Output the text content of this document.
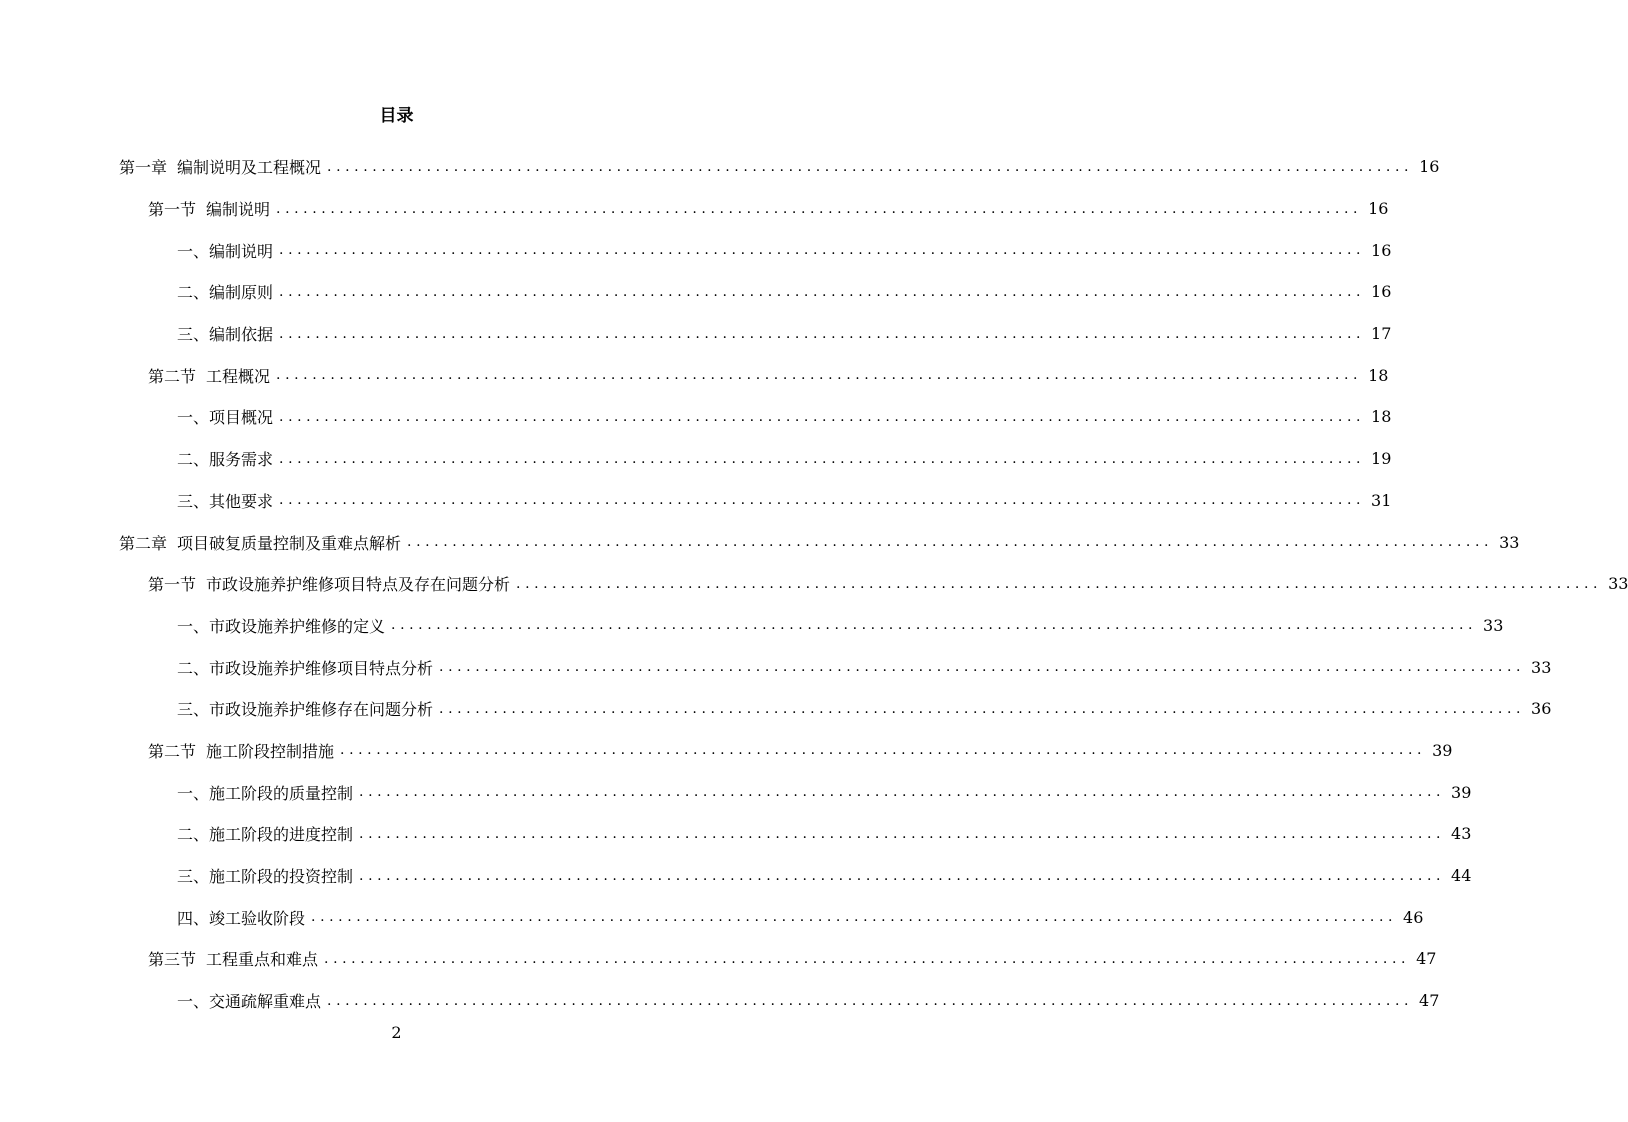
目录
第一章 编制说明及工程概况 ........................................................................................................................ 16
第一节 编制说明 ........................................................................................................................ 16
一、编制说明 ........................................................................................................................ 16
二、编制原则 ........................................................................................................................ 16
三、编制依据 ........................................................................................................................ 17
第二节 工程概况 ........................................................................................................................ 18
一、项目概况 ........................................................................................................................ 18
二、服务需求 ........................................................................................................................ 19
三、其他要求 ........................................................................................................................ 31
第二章 项目破复质量控制及重难点解析 ........................................................................................................................ 33
第一节 市政设施养护维修项目特点及存在问题分析 ........................................................................................................................ 33
一、市政设施养护维修的定义 ........................................................................................................................ 33
二、市政设施养护维修项目特点分析 ........................................................................................................................ 33
三、市政设施养护维修存在问题分析 ........................................................................................................................ 36
第二节 施工阶段控制措施 ........................................................................................................................ 39
一、施工阶段的质量控制 ........................................................................................................................ 39
二、施工阶段的进度控制 ........................................................................................................................ 43
三、施工阶段的投资控制 ........................................................................................................................ 44
四、竣工验收阶段 ........................................................................................................................ 46
第三节 工程重点和难点 ........................................................................................................................ 47
一、交通疏解重难点 ........................................................................................................................ 47
2
